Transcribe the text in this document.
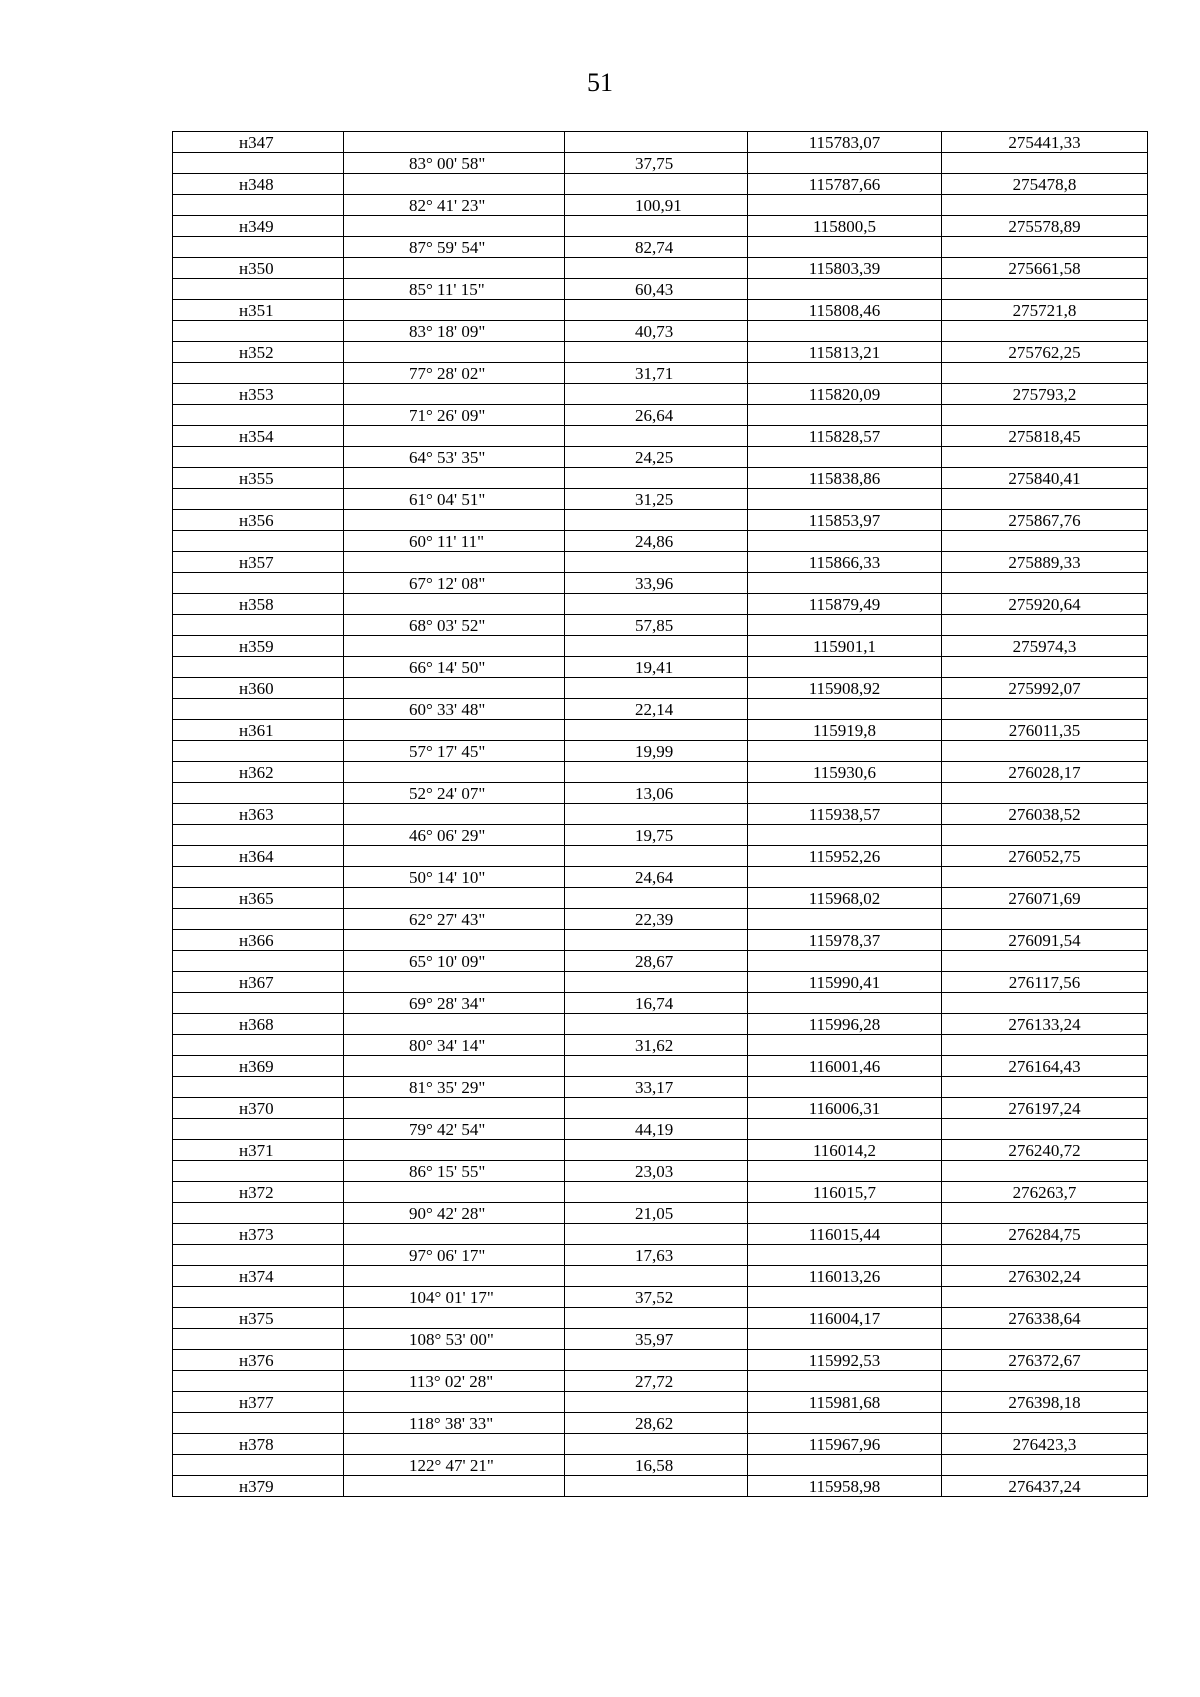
51
н347			115783,07	275441,33
	83° 00' 58"	37,75		
н348			115787,66	275478,8
	82° 41' 23"	100,91		
н349			115800,5	275578,89
	87° 59' 54"	82,74		
н350			115803,39	275661,58
	85° 11' 15"	60,43		
н351			115808,46	275721,8
	83° 18' 09"	40,73		
н352			115813,21	275762,25
	77° 28' 02"	31,71		
н353			115820,09	275793,2
	71° 26' 09"	26,64		
н354			115828,57	275818,45
	64° 53' 35"	24,25		
н355			115838,86	275840,41
	61° 04' 51"	31,25		
н356			115853,97	275867,76
	60° 11' 11"	24,86		
н357			115866,33	275889,33
	67° 12' 08"	33,96		
н358			115879,49	275920,64
	68° 03' 52"	57,85		
н359			115901,1	275974,3
	66° 14' 50"	19,41		
н360			115908,92	275992,07
	60° 33' 48"	22,14		
н361			115919,8	276011,35
	57° 17' 45"	19,99		
н362			115930,6	276028,17
	52° 24' 07"	13,06		
н363			115938,57	276038,52
	46° 06' 29"	19,75		
н364			115952,26	276052,75
	50° 14' 10"	24,64		
н365			115968,02	276071,69
	62° 27' 43"	22,39		
н366			115978,37	276091,54
	65° 10' 09"	28,67		
н367			115990,41	276117,56
	69° 28' 34"	16,74		
н368			115996,28	276133,24
	80° 34' 14"	31,62		
н369			116001,46	276164,43
	81° 35' 29"	33,17		
н370			116006,31	276197,24
	79° 42' 54"	44,19		
н371			116014,2	276240,72
	86° 15' 55"	23,03		
н372			116015,7	276263,7
	90° 42' 28"	21,05		
н373			116015,44	276284,75
	97° 06' 17"	17,63		
н374			116013,26	276302,24
	104° 01' 17"	37,52		
н375			116004,17	276338,64
	108° 53' 00"	35,97		
н376			115992,53	276372,67
	113° 02' 28"	27,72		
н377			115981,68	276398,18
	118° 38' 33"	28,62		
н378			115967,96	276423,3
	122° 47' 21"	16,58		
н379			115958,98	276437,24
